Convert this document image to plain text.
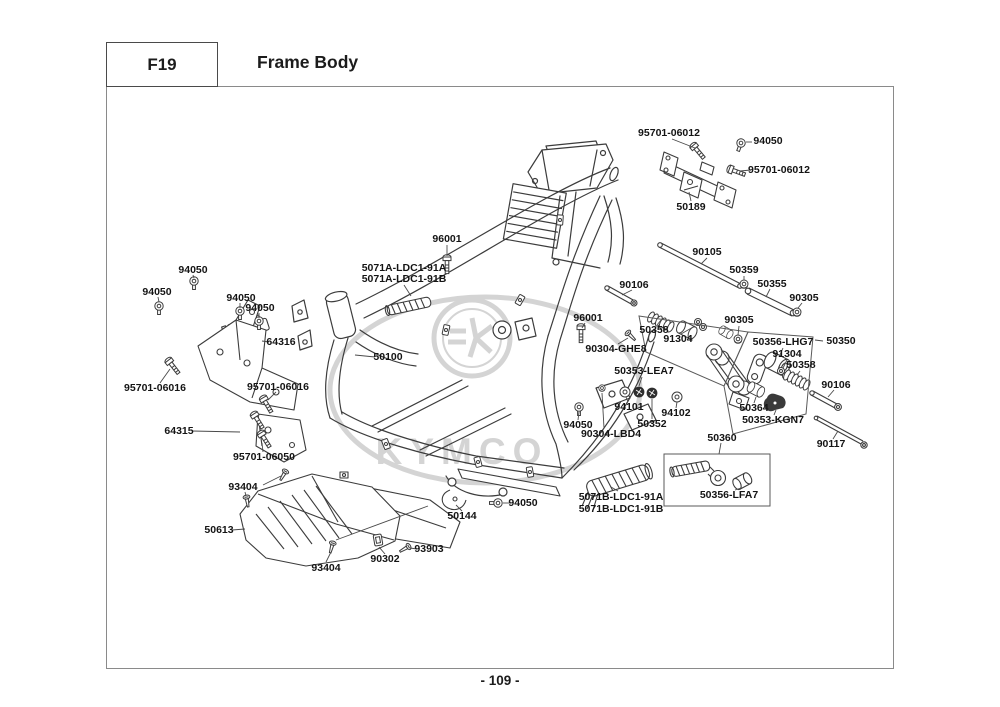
F19	Frame Body
- 109 -
KYMCO
95701-06012
94050
95701-06012
50189
90105
50359
50355
90305
90106
96001
5071A-LDC1-91A
5071A-LDC1-91B
94050
94050	94050
94050
64316
95701-06016	95701-06016
64315
95701-06050
50100
96001
90304-GHE8
50358
91304
90305
50356-LHG7 50350
91304
50358
50353-LEA7
94101 94102
50352
50364
50353-KGN7
90106
90117
94050
90304-LBD4	50360
5071B-LDC1-91A
5071B-LDC1-91B
50356-LFA7
93404
50613
93404
90302
93903
50144
94050
